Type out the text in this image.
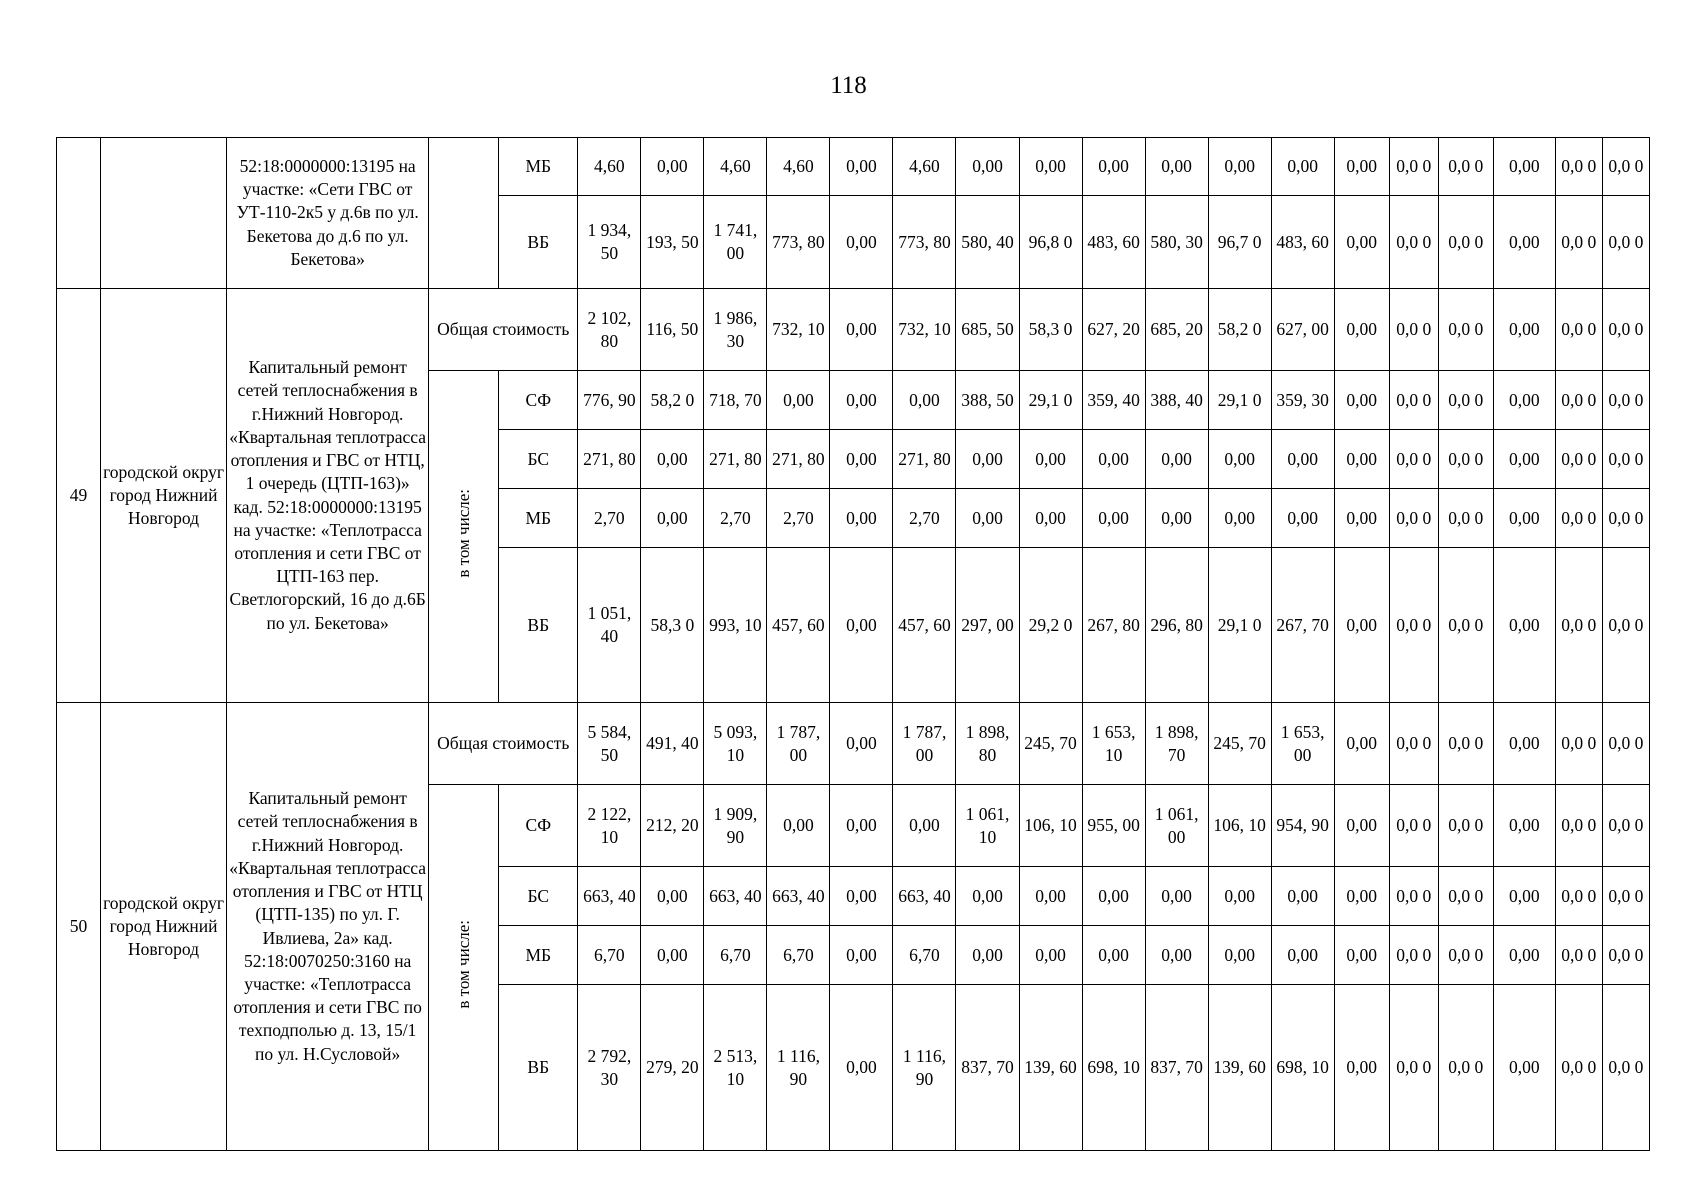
118
		52:18:0000000:13195 на участке: «Сети ГВС от УТ-110-2к5 у д.6в по ул. Бекетова до д.6 по ул. Бекетова»		МБ	4,60	0,00	4,60	4,60	0,00	4,60	0,00	0,00	0,00	0,00	0,00	0,00	0,00	0,0 0	0,0 0	0,00	0,0 0	0,0 0
				ВБ	1 934, 50	193, 50	1 741, 00	773, 80	0,00	773, 80	580, 40	96,8 0	483, 60	580, 30	96,7 0	483, 60	0,00	0,0 0	0,0 0	0,00	0,0 0	0,0 0
49	городской округ город Нижний Новгород	Капитальный ремонт сетей теплоснабжения в г.Нижний Новгород. «Квартальная теплотрасса отопления и ГВС от НТЦ, 1 очередь (ЦТП-163)» кад. 52:18:0000000:13195 на участке: «Теплотрасса отопления и сети ГВС от ЦТП-163 пер. Светлогорский, 16 до д.6Б по ул. Бекетова»	Общая стоимость		2 102, 80	116, 50	1 986, 30	732, 10	0,00	732, 10	685, 50	58,3 0	627, 20	685, 20	58,2 0	627, 00	0,00	0,0 0	0,0 0	0,00	0,0 0	0,0 0
			в том числе:	СФ	776, 90	58,2 0	718, 70	0,00	0,00	0,00	388, 50	29,1 0	359, 40	388, 40	29,1 0	359, 30	0,00	0,0 0	0,0 0	0,00	0,0 0	0,0 0
				БС	271, 80	0,00	271, 80	271, 80	0,00	271, 80	0,00	0,00	0,00	0,00	0,00	0,00	0,00	0,0 0	0,0 0	0,00	0,0 0	0,0 0
				МБ	2,70	0,00	2,70	2,70	0,00	2,70	0,00	0,00	0,00	0,00	0,00	0,00	0,00	0,0 0	0,0 0	0,00	0,0 0	0,0 0
				ВБ	1 051, 40	58,3 0	993, 10	457, 60	0,00	457, 60	297, 00	29,2 0	267, 80	296, 80	29,1 0	267, 70	0,00	0,0 0	0,0 0	0,00	0,0 0	0,0 0
50	городской округ город Нижний Новгород	Капитальный ремонт сетей теплоснабжения в г.Нижний Новгород. «Квартальная теплотрасса отопления и ГВС от НТЦ (ЦТП-135) по ул. Г. Ивлиева, 2а» кад. 52:18:0070250:3160 на участке: «Теплотрасса отопления и сети ГВС по техподполью д. 13, 15/1 по ул. Н.Сусловой»	Общая стоимость		5 584, 50	491, 40	5 093, 10	1 787, 00	0,00	1 787, 00	1 898, 80	245, 70	1 653, 10	1 898, 70	245, 70	1 653, 00	0,00	0,0 0	0,0 0	0,00	0,0 0	0,0 0
			в том числе:	СФ	2 122, 10	212, 20	1 909, 90	0,00	0,00	0,00	1 061, 10	106, 10	955, 00	1 061, 00	106, 10	954, 90	0,00	0,0 0	0,0 0	0,00	0,0 0	0,0 0
				БС	663, 40	0,00	663, 40	663, 40	0,00	663, 40	0,00	0,00	0,00	0,00	0,00	0,00	0,00	0,0 0	0,0 0	0,00	0,0 0	0,0 0
				МБ	6,70	0,00	6,70	6,70	0,00	6,70	0,00	0,00	0,00	0,00	0,00	0,00	0,00	0,0 0	0,0 0	0,00	0,0 0	0,0 0
				ВБ	2 792, 30	279, 20	2 513, 10	1 116, 90	0,00	1 116, 90	837, 70	139, 60	698, 10	837, 70	139, 60	698, 10	0,00	0,0 0	0,0 0	0,00	0,0 0	0,0 0
